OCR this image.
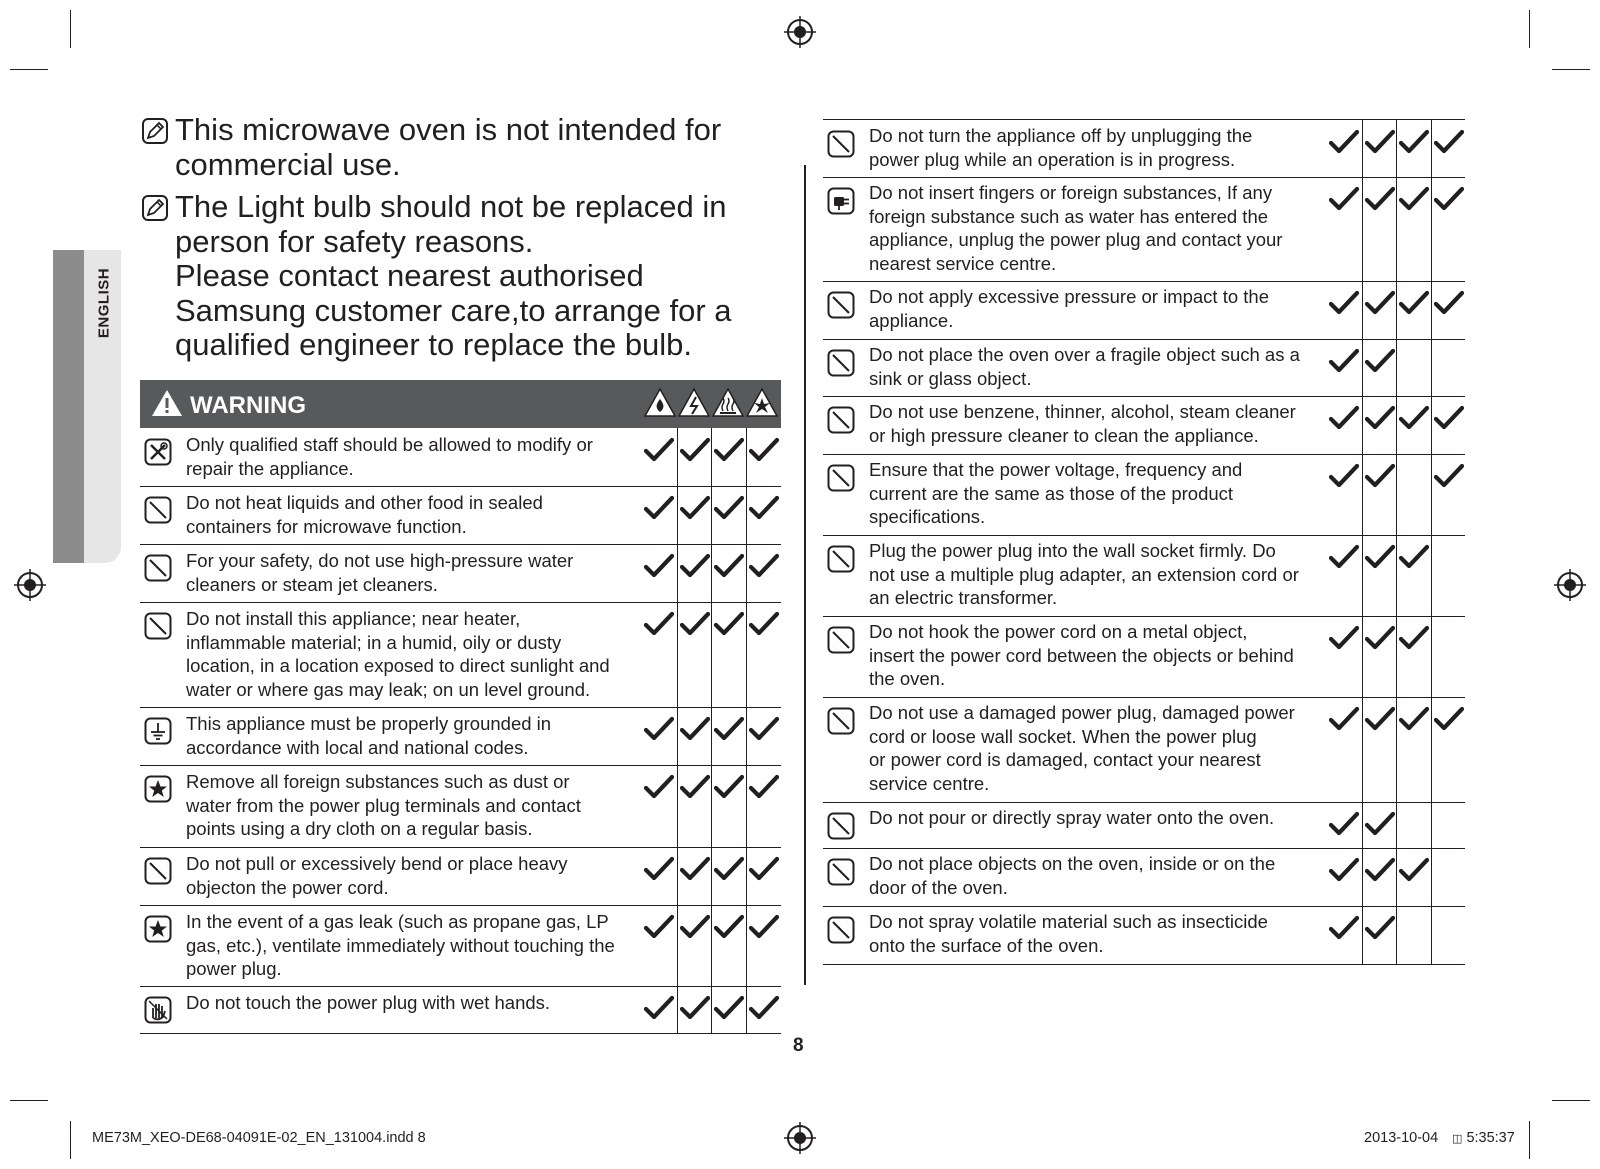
ENGLISH
This microwave oven is not intended for
commercial use.
The Light bulb should not be replaced in
person for safety reasons.
Please contact nearest authorised
Samsung customer care,to arrange for a
qualified engineer to replace the bulb.
WARNING
Only qualified staff should be allowed to modify or
repair the appliance.
Do not heat liquids and other food in sealed
containers for microwave function.
For your safety, do not use high-pressure water
cleaners or steam jet cleaners.
Do not install this appliance; near heater,
inflammable material; in a humid, oily or dusty
location, in a location exposed to direct sunlight and
water or where gas may leak; on un level ground.
This appliance must be properly grounded in
accordance with local and national codes.
Remove all foreign substances such as dust or
water from the power plug terminals and contact
points using a dry cloth on a regular basis.
Do not pull or excessively bend or place heavy
objecton the power cord.
In the event of a gas leak (such as propane gas, LP
gas, etc.), ventilate immediately without touching the
power plug.
Do not touch the power plug with wet hands.
Do not turn the appliance off by unplugging the
power plug while an operation is in progress.
Do not insert fingers or foreign substances, If any
foreign substance such as water has entered the
appliance, unplug the power plug and contact your
nearest service centre.
Do not apply excessive pressure or impact to the
appliance.
Do not place the oven over a fragile object such as a
sink or glass object.
Do not use benzene, thinner, alcohol, steam cleaner
or high pressure cleaner to clean the appliance.
Ensure that the power voltage, frequency and
current are the same as those of the product
specifications.
Plug the power plug into the wall socket firmly. Do
not use a multiple plug adapter, an extension cord or
an electric transformer.
Do not hook the power cord on a metal object,
insert the power cord between the objects or behind
the oven.
Do not use a damaged power plug, damaged power
cord or loose wall socket. When the power plug
or power cord is damaged, contact your nearest
service centre.
Do not pour or directly spray water onto the oven.
Do not place objects on the oven, inside or on the
door of the oven.
Do not spray volatile material such as insecticide
onto the surface of the oven.
8
ME73M_XEO-DE68-04091E-02_EN_131004.indd 8	2013-10-04 ◫ 5:35:37
